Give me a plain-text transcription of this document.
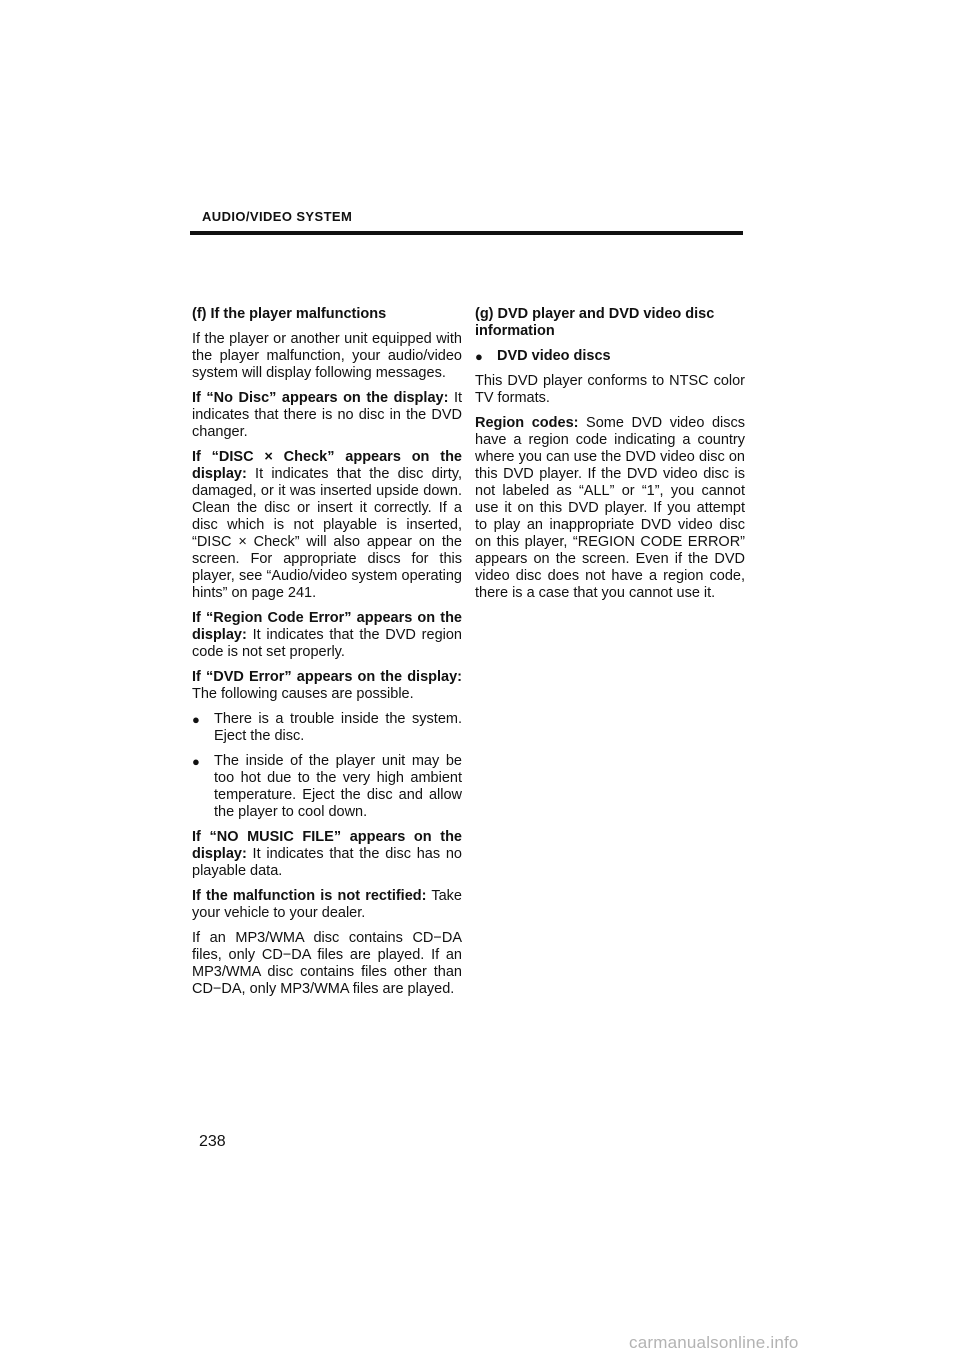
AUDIO/VIDEO SYSTEM

(f) If the player malfunctions

If the player or another unit equipped with the player malfunction, your audio/video system will display following messages.

If “No Disc” appears on the display: It indicates that there is no disc in the DVD changer.

If “DISC × Check” appears on the display: It indicates that the disc dirty, damaged, or it was inserted upside down. Clean the disc or insert it correctly. If a disc which is not playable is inserted, “DISC × Check” will also appear on the screen. For appropriate discs for this player, see “Audio/video system operating hints” on page 241.

If “Region Code Error” appears on the display: It indicates that the DVD region code is not set properly.

If “DVD Error” appears on the display: The following causes are possible.

● There is a trouble inside the system. Eject the disc.
● The inside of the player unit may be too hot due to the very high ambient temperature. Eject the disc and allow the player to cool down.

If “NO MUSIC FILE” appears on the display: It indicates that the disc has no playable data.

If the malfunction is not rectified: Take your vehicle to your dealer.

If an MP3/WMA disc contains CD−DA files, only CD−DA files are played. If an MP3/WMA disc contains files other than CD−DA, only MP3/WMA files are played.

(g) DVD player and DVD video disc information

● DVD video discs

This DVD player conforms to NTSC color TV formats.

Region codes: Some DVD video discs have a region code indicating a country where you can use the DVD video disc on this DVD player. If the DVD video disc is not labeled as “ALL” or “1”, you cannot use it on this DVD player. If you attempt to play an inappropriate DVD video disc on this player, “REGION CODE ERROR” appears on the screen. Even if the DVD video disc does not have a region code, there is a case that you cannot use it.

238
carmanualsonline.info
